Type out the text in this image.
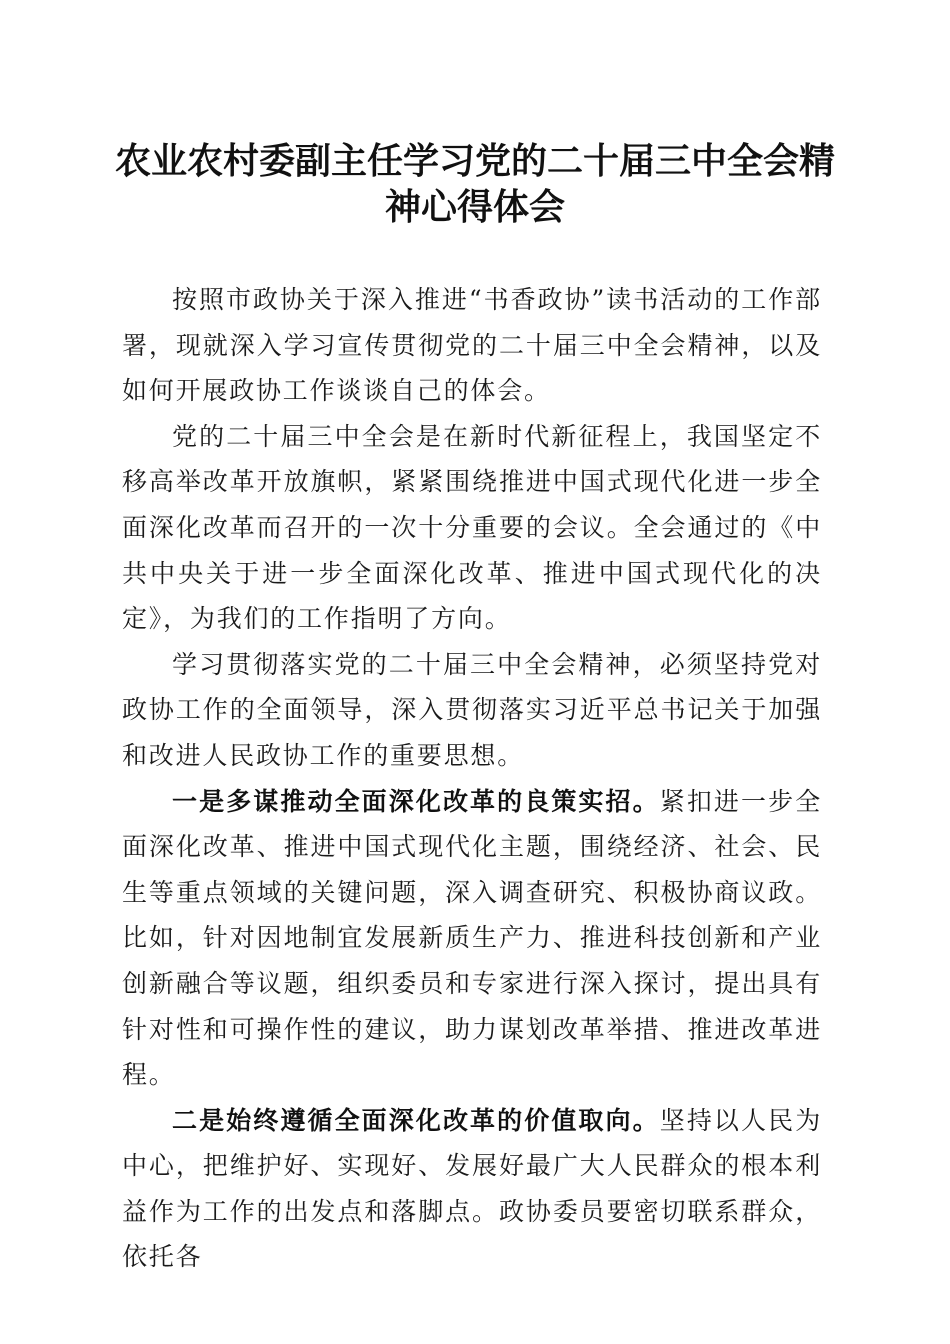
农业农村委副主任学习党的二十届三中全会精神心得体会

按照市政协关于深入推进“书香政协”读书活动的工作部署，现就深入学习宣传贯彻党的二十届三中全会精神，以及如何开展政协工作谈谈自己的体会。

党的二十届三中全会是在新时代新征程上，我国坚定不移高举改革开放旗帜，紧紧围绕推进中国式现代化进一步全面深化改革而召开的一次十分重要的会议。全会通过的《中共中央关于进一步全面深化改革、推进中国式现代化的决定》，为我们的工作指明了方向。

学习贯彻落实党的二十届三中全会精神，必须坚持党对政协工作的全面领导，深入贯彻落实习近平总书记关于加强和改进人民政协工作的重要思想。

一是多谋推动全面深化改革的良策实招。紧扣进一步全面深化改革、推进中国式现代化主题，围绕经济、社会、民生等重点领域的关键问题，深入调查研究、积极协商议政。比如，针对因地制宜发展新质生产力、推进科技创新和产业创新融合等议题，组织委员和专家进行深入探讨，提出具有针对性和可操作性的建议，助力谋划改革举措、推进改革进程。

二是始终遵循全面深化改革的价值取向。坚持以人民为中心，把维护好、实现好、发展好最广大人民群众的根本利益作为工作的出发点和落脚点。政协委员要密切联系群众，依托各
